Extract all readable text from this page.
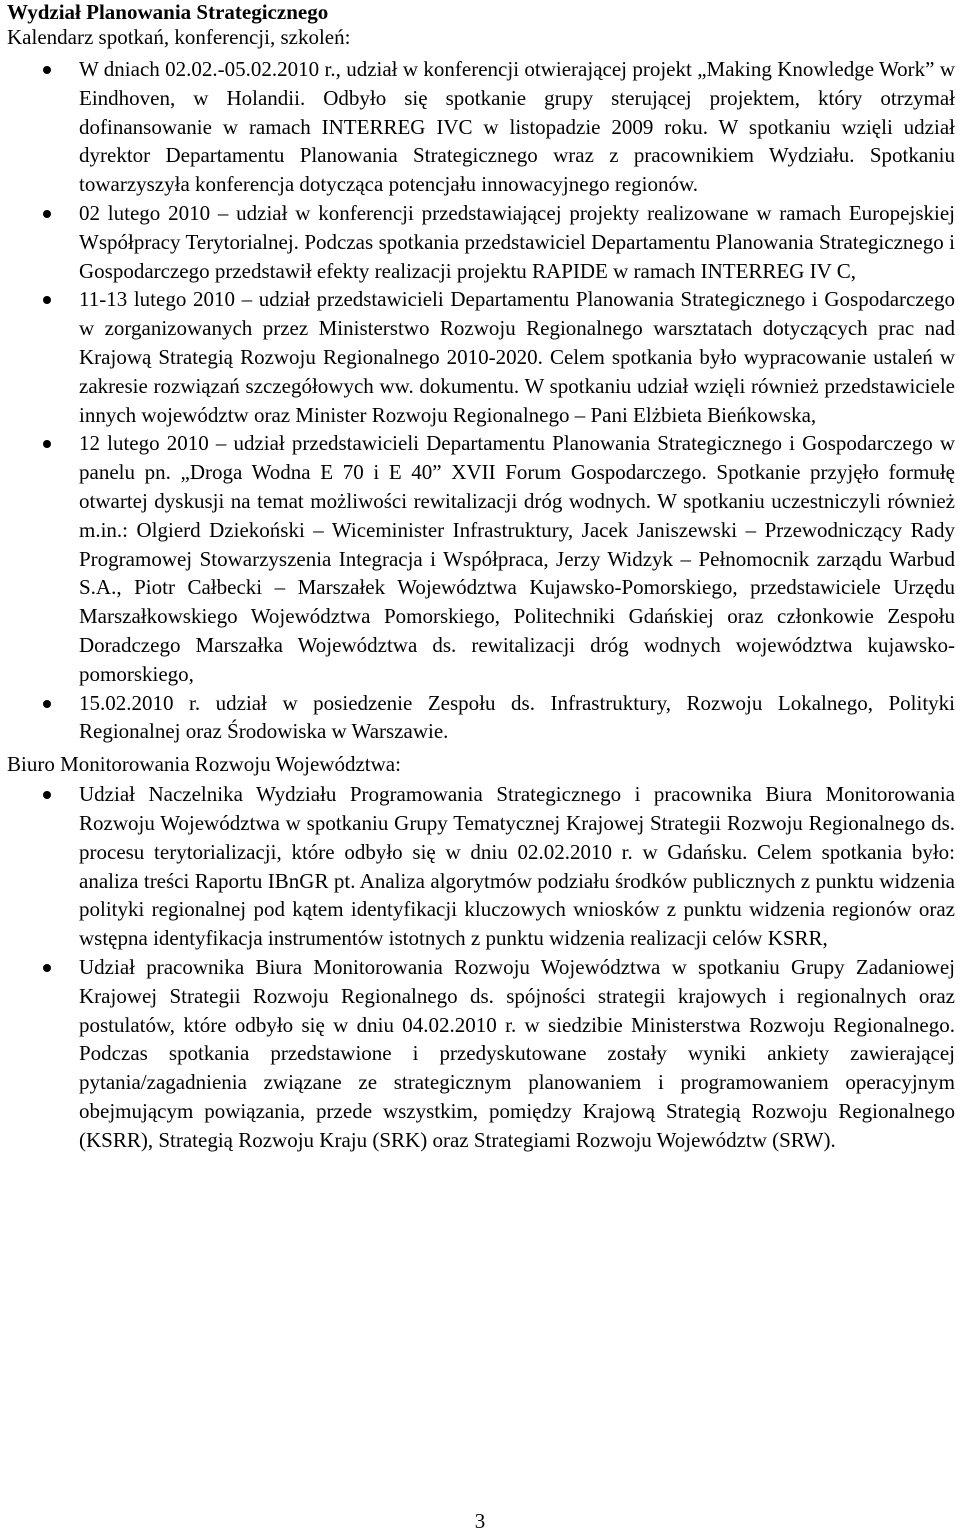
Wydział Planowania Strategicznego

Kalendarz spotkań, konferencji, szkoleń:

W dniach 02.02.-05.02.2010 r., udział w konferencji otwierającej projekt „Making Knowledge Work” w Eindhoven, w Holandii. Odbyło się spotkanie grupy sterującej projektem, który otrzymał dofinansowanie w ramach INTERREG IVC w listopadzie 2009 roku. W spotkaniu wzięli udział dyrektor Departamentu Planowania Strategicznego wraz z pracownikiem Wydziału. Spotkaniu towarzyszyła konferencja dotycząca potencjału innowacyjnego regionów.
02 lutego 2010 – udział w konferencji przedstawiającej projekty realizowane w ramach Europejskiej Współpracy Terytorialnej. Podczas spotkania przedstawiciel Departamentu Planowania Strategicznego i Gospodarczego przedstawił efekty realizacji projektu RAPIDE w ramach INTERREG IV C,
11-13 lutego 2010 – udział przedstawicieli Departamentu Planowania Strategicznego i Gospodarczego w zorganizowanych przez Ministerstwo Rozwoju Regionalnego warsztatach dotyczących prac nad Krajową Strategią Rozwoju Regionalnego 2010-2020. Celem spotkania było wypracowanie ustaleń w zakresie rozwiązań szczegółowych ww. dokumentu. W spotkaniu udział wzięli również przedstawiciele innych województw oraz Minister Rozwoju Regionalnego – Pani Elżbieta Bieńkowska,
12 lutego 2010 – udział przedstawicieli Departamentu Planowania Strategicznego i Gospodarczego w panelu pn. „Droga Wodna E 70 i E 40” XVII Forum Gospodarczego. Spotkanie przyjęło formułę otwartej dyskusji na temat możliwości rewitalizacji dróg wodnych. W spotkaniu uczestniczyli również m.in.: Olgierd Dziekoński – Wiceminister Infrastruktury, Jacek Janiszewski – Przewodniczący Rady Programowej Stowarzyszenia Integracja i Współpraca, Jerzy Widzyk – Pełnomocnik zarządu Warbud S.A., Piotr Całbecki – Marszałek Województwa Kujawsko-Pomorskiego, przedstawiciele Urzędu Marszałkowskiego Województwa Pomorskiego, Politechniki Gdańskiej oraz członkowie Zespołu Doradczego Marszałka Województwa ds. rewitalizacji dróg wodnych województwa kujawsko-pomorskiego,
15.02.2010 r. udział w posiedzenie Zespołu ds. Infrastruktury, Rozwoju Lokalnego, Polityki Regionalnej oraz Środowiska w Warszawie.

Biuro Monitorowania Rozwoju Województwa:

Udział Naczelnika Wydziału Programowania Strategicznego i pracownika Biura Monitorowania Rozwoju Województwa w spotkaniu Grupy Tematycznej Krajowej Strategii Rozwoju Regionalnego ds. procesu terytorializacji, które odbyło się w dniu 02.02.2010 r. w Gdańsku. Celem spotkania było: analiza treści Raportu IBnGR pt. Analiza algorytmów podziału środków publicznych z punktu widzenia polityki regionalnej pod kątem identyfikacji kluczowych wniosków z punktu widzenia regionów oraz wstępna identyfikacja instrumentów istotnych z punktu widzenia realizacji celów KSRR,
Udział pracownika Biura Monitorowania Rozwoju Województwa w spotkaniu Grupy Zadaniowej Krajowej Strategii Rozwoju Regionalnego ds. spójności strategii krajowych i regionalnych oraz postulatów, które odbyło się w dniu 04.02.2010 r. w siedzibie Ministerstwa Rozwoju Regionalnego. Podczas spotkania przedstawione i przedyskutowane zostały wyniki ankiety zawierającej pytania/zagadnienia związane ze strategicznym planowaniem i programowaniem operacyjnym obejmującym powiązania, przede wszystkim, pomiędzy Krajową Strategią Rozwoju Regionalnego (KSRR), Strategią Rozwoju Kraju (SRK) oraz Strategiami Rozwoju Województw (SRW).
3
